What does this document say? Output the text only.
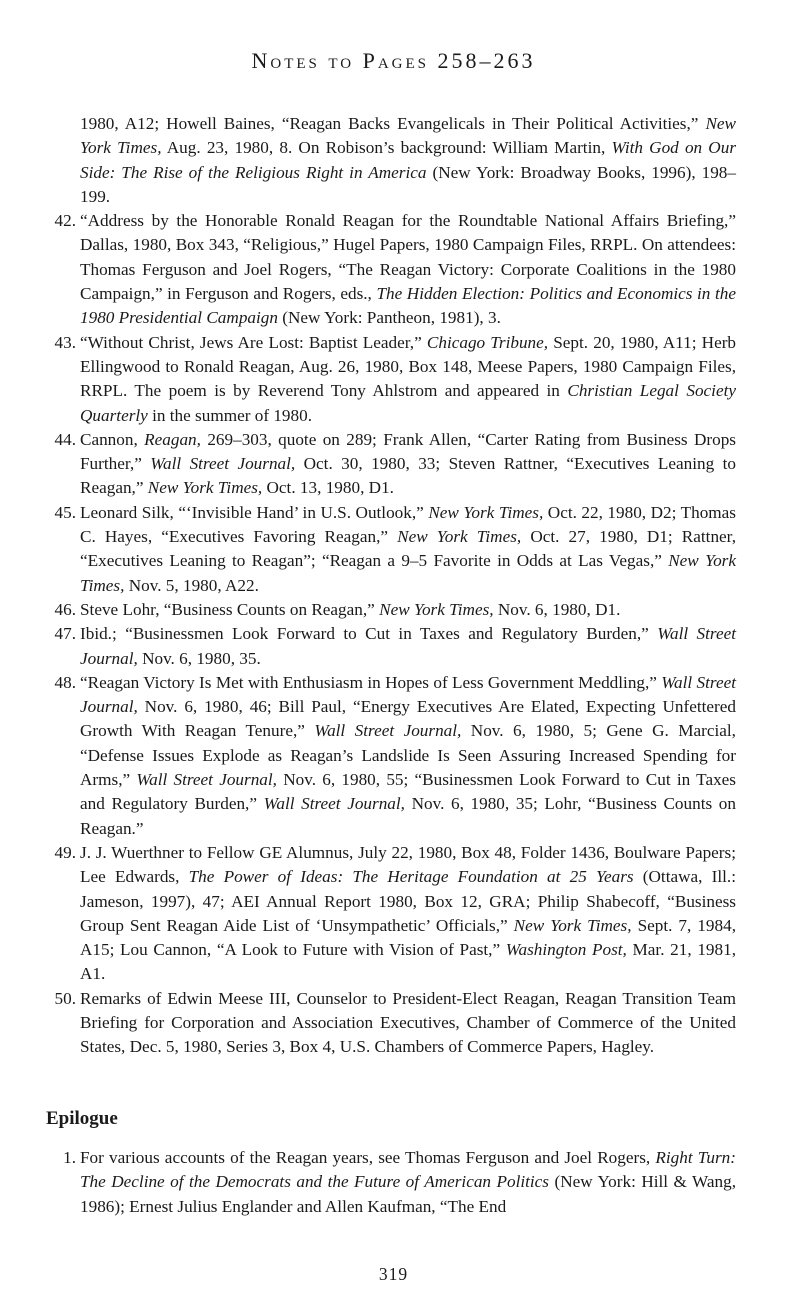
Notes to Pages 258–263

1980, A12; Howell Baines, “Reagan Backs Evangelicals in Their Political Activities,” New York Times, Aug. 23, 1980, 8. On Robison’s background: William Martin, With God on Our Side: The Rise of the Religious Right in America (New York: Broadway Books, 1996), 198–199.

42. “Address by the Honorable Ronald Reagan for the Roundtable National Affairs Briefing,” Dallas, 1980, Box 343, “Religious,” Hugel Papers, 1980 Campaign Files, RRPL. On attendees: Thomas Ferguson and Joel Rogers, “The Reagan Victory: Corporate Coalitions in the 1980 Campaign,” in Ferguson and Rogers, eds., The Hidden Election: Politics and Economics in the 1980 Presidential Campaign (New York: Pantheon, 1981), 3.

43. “Without Christ, Jews Are Lost: Baptist Leader,” Chicago Tribune, Sept. 20, 1980, A11; Herb Ellingwood to Ronald Reagan, Aug. 26, 1980, Box 148, Meese Papers, 1980 Campaign Files, RRPL. The poem is by Reverend Tony Ahlstrom and appeared in Christian Legal Society Quarterly in the summer of 1980.

44. Cannon, Reagan, 269–303, quote on 289; Frank Allen, “Carter Rating from Business Drops Further,” Wall Street Journal, Oct. 30, 1980, 33; Steven Rattner, “Executives Leaning to Reagan,” New York Times, Oct. 13, 1980, D1.

45. Leonard Silk, “‘Invisible Hand’ in U.S. Outlook,” New York Times, Oct. 22, 1980, D2; Thomas C. Hayes, “Executives Favoring Reagan,” New York Times, Oct. 27, 1980, D1; Rattner, “Executives Leaning to Reagan”; “Reagan a 9–5 Favorite in Odds at Las Vegas,” New York Times, Nov. 5, 1980, A22.

46. Steve Lohr, “Business Counts on Reagan,” New York Times, Nov. 6, 1980, D1.

47. Ibid.; “Businessmen Look Forward to Cut in Taxes and Regulatory Burden,” Wall Street Journal, Nov. 6, 1980, 35.

48. “Reagan Victory Is Met with Enthusiasm in Hopes of Less Government Meddling,” Wall Street Journal, Nov. 6, 1980, 46; Bill Paul, “Energy Executives Are Elated, Expecting Unfettered Growth With Reagan Tenure,” Wall Street Journal, Nov. 6, 1980, 5; Gene G. Marcial, “Defense Issues Explode as Reagan’s Landslide Is Seen Assuring Increased Spending for Arms,” Wall Street Journal, Nov. 6, 1980, 55; “Businessmen Look Forward to Cut in Taxes and Regulatory Burden,” Wall Street Journal, Nov. 6, 1980, 35; Lohr, “Business Counts on Reagan.”

49. J. J. Wuerthner to Fellow GE Alumnus, July 22, 1980, Box 48, Folder 1436, Boulware Papers; Lee Edwards, The Power of Ideas: The Heritage Foundation at 25 Years (Ottawa, Ill.: Jameson, 1997), 47; AEI Annual Report 1980, Box 12, GRA; Philip Shabecoff, “Business Group Sent Reagan Aide List of ‘Unsympathetic’ Officials,” New York Times, Sept. 7, 1984, A15; Lou Cannon, “A Look to Future with Vision of Past,” Washington Post, Mar. 21, 1981, A1.

50. Remarks of Edwin Meese III, Counselor to President-Elect Reagan, Reagan Transition Team Briefing for Corporation and Association Executives, Chamber of Commerce of the United States, Dec. 5, 1980, Series 3, Box 4, U.S. Chambers of Commerce Papers, Hagley.

Epilogue

1. For various accounts of the Reagan years, see Thomas Ferguson and Joel Rogers, Right Turn: The Decline of the Democrats and the Future of American Politics (New York: Hill & Wang, 1986); Ernest Julius Englander and Allen Kaufman, “The End

319
